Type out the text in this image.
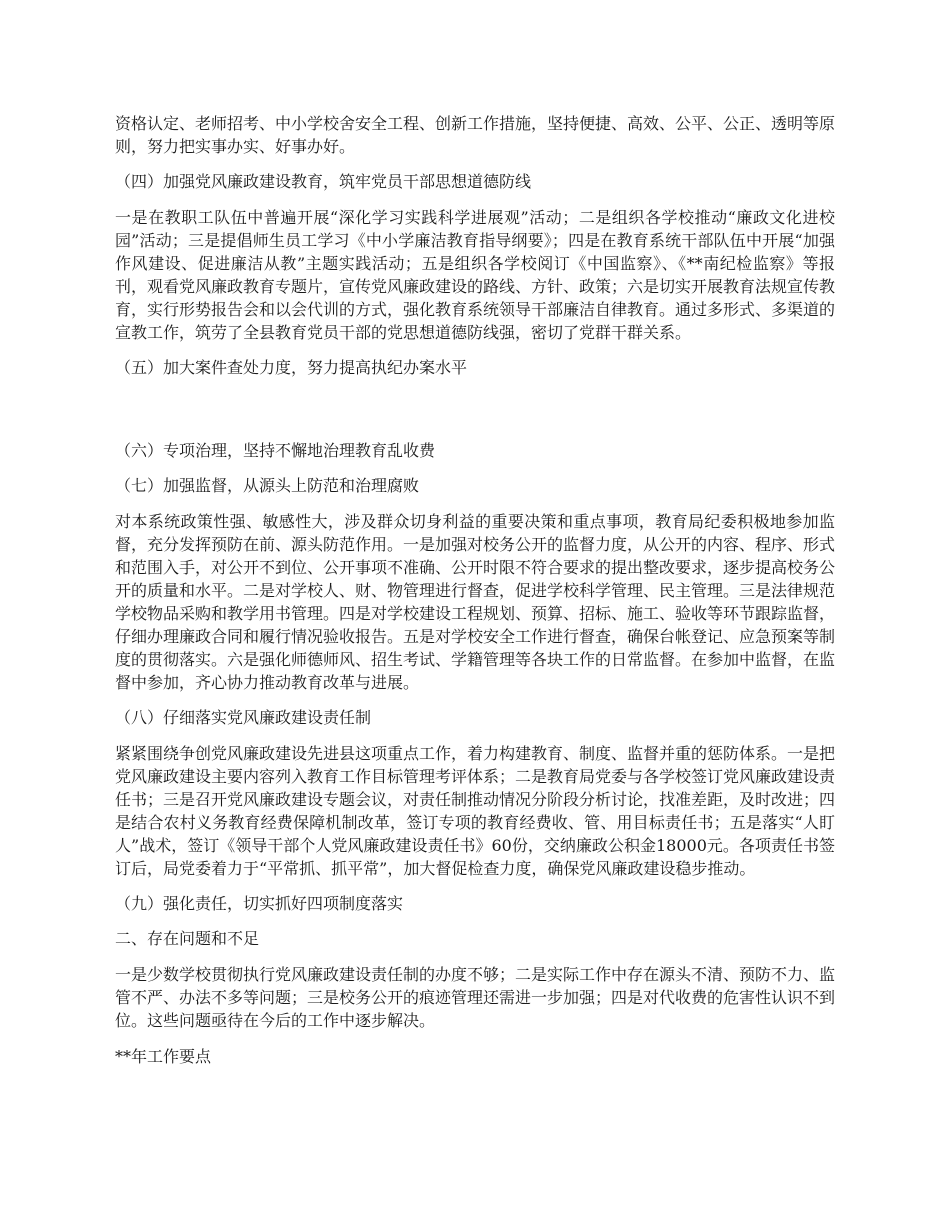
资格认定、老师招考、中小学校舍安全工程、创新工作措施，坚持便捷、高效、公平、公正、透明等原则，努力把实事办实、好事办好。

（四）加强党风廉政建设教育，筑牢党员干部思想道德防线

一是在教职工队伍中普遍开展“深化学习实践科学进展观”活动；二是组织各学校推动“廉政文化进校园”活动；三是提倡师生员工学习《中小学廉洁教育指导纲要》；四是在教育系统干部队伍中开展“加强作风建设、促进廉洁从教”主题实践活动；五是组织各学校阅订《中国监察》、《**南纪检监察》等报刊，观看党风廉政教育专题片，宣传党风廉政建设的路线、方针、政策；六是切实开展教育法规宣传教育，实行形势报告会和以会代训的方式，强化教育系统领导干部廉洁自律教育。通过多形式、多渠道的宣教工作，筑劳了全县教育党员干部的党思想道德防线强，密切了党群干群关系。

（五）加大案件查处力度，努力提高执纪办案水平

（六）专项治理，坚持不懈地治理教育乱收费

（七）加强监督，从源头上防范和治理腐败

对本系统政策性强、敏感性大，涉及群众切身利益的重要决策和重点事项，教育局纪委积极地参加监督，充分发挥预防在前、源头防范作用。一是加强对校务公开的监督力度，从公开的内容、程序、形式和范围入手，对公开不到位、公开事项不准确、公开时限不符合要求的提出整改要求，逐步提高校务公开的质量和水平。二是对学校人、财、物管理进行督查，促进学校科学管理、民主管理。三是法律规范学校物品采购和教学用书管理。四是对学校建设工程规划、预算、招标、施工、验收等环节跟踪监督，仔细办理廉政合同和履行情况验收报告。五是对学校安全工作进行督查，确保台帐登记、应急预案等制度的贯彻落实。六是强化师德师风、招生考试、学籍管理等各块工作的日常监督。在参加中监督，在监督中参加，齐心协力推动教育改革与进展。

（八）仔细落实党风廉政建设责任制

紧紧围绕争创党风廉政建设先进县这项重点工作，着力构建教育、制度、监督并重的惩防体系。一是把党风廉政建设主要内容列入教育工作目标管理考评体系；二是教育局党委与各学校签订党风廉政建设责任书；三是召开党风廉政建设专题会议，对责任制推动情况分阶段分析讨论，找准差距，及时改进；四是结合农村义务教育经费保障机制改革，签订专项的教育经费收、管、用目标责任书；五是落实“人盯人”战术，签订《领导干部个人党风廉政建设责任书》60份，交纳廉政公积金18000元。各项责任书签订后，局党委着力于“平常抓、抓平常”，加大督促检查力度，确保党风廉政建设稳步推动。

（九）强化责任，切实抓好四项制度落实

二、存在问题和不足

一是少数学校贯彻执行党风廉政建设责任制的办度不够；二是实际工作中存在源头不清、预防不力、监管不严、办法不多等问题；三是校务公开的痕迹管理还需进一步加强；四是对代收费的危害性认识不到位。这些问题亟待在今后的工作中逐步解决。

**年工作要点
